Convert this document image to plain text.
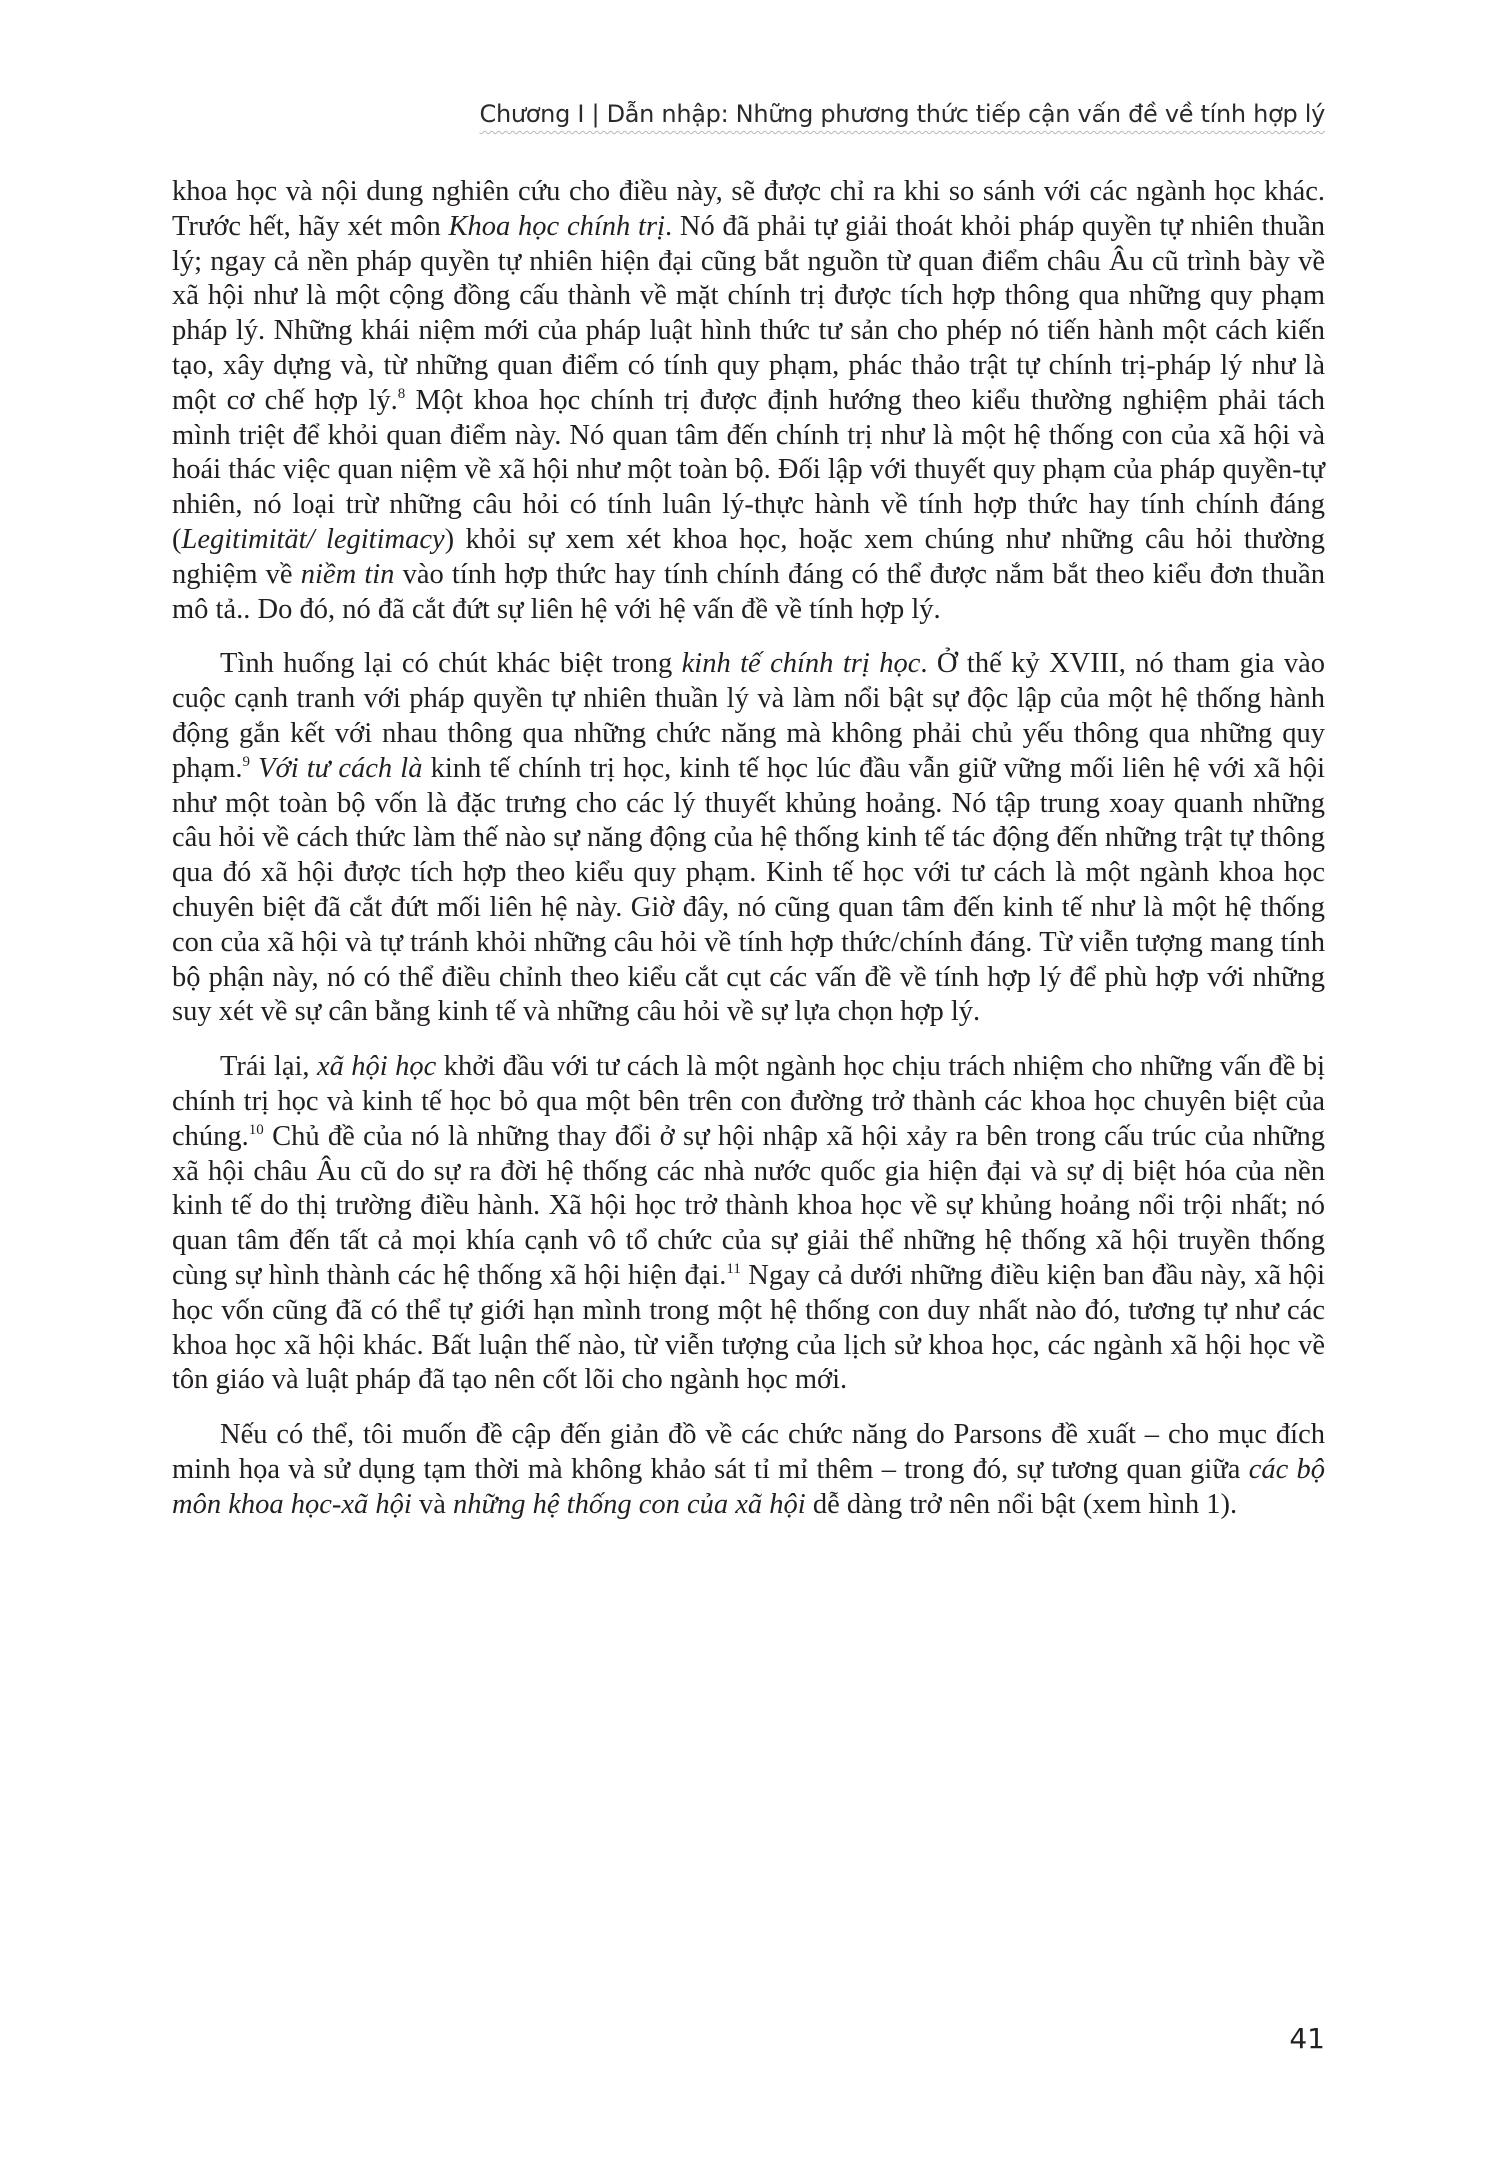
Chương I | Dẫn nhập: Những phương thức tiếp cận vấn đề về tính hợp lý

khoa học và nội dung nghiên cứu cho điều này, sẽ được chỉ ra khi so sánh với các ngành học khác. Trước hết, hãy xét môn Khoa học chính trị. Nó đã phải tự giải thoát khỏi pháp quyền tự nhiên thuần lý; ngay cả nền pháp quyền tự nhiên hiện đại cũng bắt nguồn từ quan điểm châu Âu cũ trình bày về xã hội như là một cộng đồng cấu thành về mặt chính trị được tích hợp thông qua những quy phạm pháp lý. Những khái niệm mới của pháp luật hình thức tư sản cho phép nó tiến hành một cách kiến tạo, xây dựng và, từ những quan điểm có tính quy phạm, phác thảo trật tự chính trị-pháp lý như là một cơ chế hợp lý.$^8$ Một khoa học chính trị được định hướng theo kiểu thường nghiệm phải tách mình triệt để khỏi quan điểm này. Nó quan tâm đến chính trị như là một hệ thống con của xã hội và hoái thác việc quan niệm về xã hội như một toàn bộ. Đối lập với thuyết quy phạm của pháp quyền-tự nhiên, nó loại trừ những câu hỏi có tính luân lý-thực hành về tính hợp thức hay tính chính đáng (Legitimität/ legitimacy) khỏi sự xem xét khoa học, hoặc xem chúng như những câu hỏi thường nghiệm về niềm tin vào tính hợp thức hay tính chính đáng có thể được nắm bắt theo kiểu đơn thuần mô tả.. Do đó, nó đã cắt đứt sự liên hệ với hệ vấn đề về tính hợp lý.

Tình huống lại có chút khác biệt trong kinh tế chính trị học. Ở thế kỷ XVIII, nó tham gia vào cuộc cạnh tranh với pháp quyền tự nhiên thuần lý và làm nổi bật sự độc lập của một hệ thống hành động gắn kết với nhau thông qua những chức năng mà không phải chủ yếu thông qua những quy phạm.$^9$ Với tư cách là kinh tế chính trị học, kinh tế học lúc đầu vẫn giữ vững mối liên hệ với xã hội như một toàn bộ vốn là đặc trưng cho các lý thuyết khủng hoảng. Nó tập trung xoay quanh những câu hỏi về cách thức làm thế nào sự năng động của hệ thống kinh tế tác động đến những trật tự thông qua đó xã hội được tích hợp theo kiểu quy phạm. Kinh tế học với tư cách là một ngành khoa học chuyên biệt đã cắt đứt mối liên hệ này. Giờ đây, nó cũng quan tâm đến kinh tế như là một hệ thống con của xã hội và tự tránh khỏi những câu hỏi về tính hợp thức/chính đáng. Từ viễn tượng mang tính bộ phận này, nó có thể điều chỉnh theo kiểu cắt cụt các vấn đề về tính hợp lý để phù hợp với những suy xét về sự cân bằng kinh tế và những câu hỏi về sự lựa chọn hợp lý.

Trái lại, xã hội học khởi đầu với tư cách là một ngành học chịu trách nhiệm cho những vấn đề bị chính trị học và kinh tế học bỏ qua một bên trên con đường trở thành các khoa học chuyên biệt của chúng.$^{10}$ Chủ đề của nó là những thay đổi ở sự hội nhập xã hội xảy ra bên trong cấu trúc của những xã hội châu Âu cũ do sự ra đời hệ thống các nhà nước quốc gia hiện đại và sự dị biệt hóa của nền kinh tế do thị trường điều hành. Xã hội học trở thành khoa học về sự khủng hoảng nổi trội nhất; nó quan tâm đến tất cả mọi khía cạnh vô tổ chức của sự giải thể những hệ thống xã hội truyền thống cùng sự hình thành các hệ thống xã hội hiện đại.$^{11}$ Ngay cả dưới những điều kiện ban đầu này, xã hội học vốn cũng đã có thể tự giới hạn mình trong một hệ thống con duy nhất nào đó, tương tự như các khoa học xã hội khác. Bất luận thế nào, từ viễn tượng của lịch sử khoa học, các ngành xã hội học về tôn giáo và luật pháp đã tạo nên cốt lõi cho ngành học mới.

Nếu có thể, tôi muốn đề cập đến giản đồ về các chức năng do Parsons đề xuất – cho mục đích minh họa và sử dụng tạm thời mà không khảo sát tỉ mỉ thêm – trong đó, sự tương quan giữa các bộ môn khoa học-xã hội và những hệ thống con của xã hội dễ dàng trở nên nổi bật (xem hình 1).

41
